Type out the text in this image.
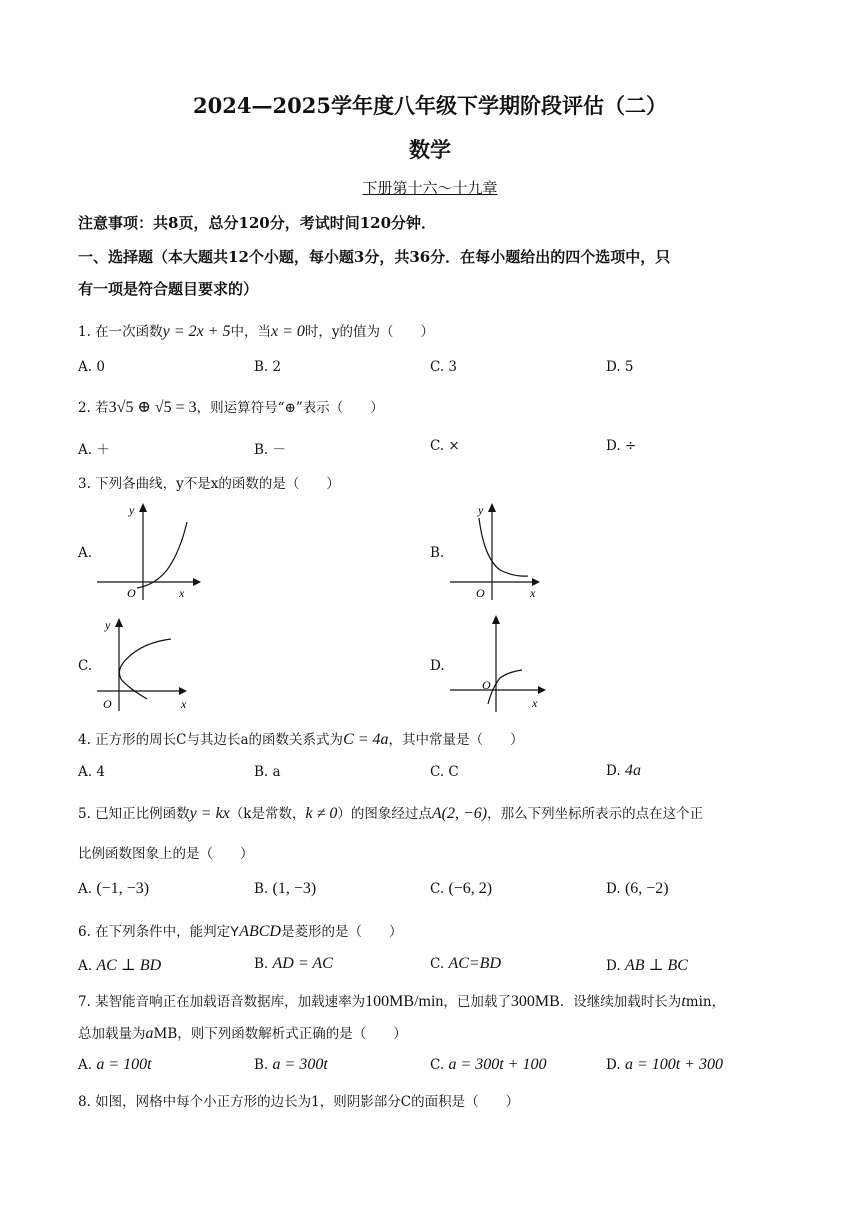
2024—2025学年度八年级下学期阶段评估（二）
数学
下册第十六～十九章
注意事项：共8页，总分120分，考试时间120分钟．
一、选择题（本大题共12个小题，每小题3分，共36分．在每小题给出的四个选项中，只
有一项是符合题目要求的）
1. 在一次函数y = 2x + 5中，当x = 0时，y的值为（　　）
A. 0	B. 2	C. 3	D. 5
2. 若3√5 ⊕ √5 = 3，则运算符号“⊕”表示（　　）
A. ＋	B. －	C. ×	D. ÷
3. 下列各曲线，y不是x的函数的是（　　）
A.
y
x
O
B.
y
x
O
C.
y
x
O
D.
x
O
4. 正方形的周长C与其边长a的函数关系式为C = 4a，其中常量是（　　）
A. 4	B. a	C. C	D. 4a
5. 已知正比例函数y = kx（k是常数，k ≠ 0）的图象经过点A(2, −6)，那么下列坐标所表示的点在这个正
比例函数图象上的是（　　）
A. (−1, −3)	B. (1, −3)	C. (−6, 2)	D. (6, −2)
6. 在下列条件中，能判定YABCD是菱形的是（　　）
A. AC ⊥ BD	B. AD = AC	C. AC=BD	D. AB ⊥ BC
7. 某智能音响正在加载语音数据库，加载速率为100MB/min，已加载了300MB．设继续加载时长为tmin，
总加载量为aMB，则下列函数解析式正确的是（　　）
A. a = 100t	B. a = 300t	C. a = 300t + 100	D. a = 100t + 300
8. 如图，网格中每个小正方形的边长为1，则阴影部分C的面积是（　　）
